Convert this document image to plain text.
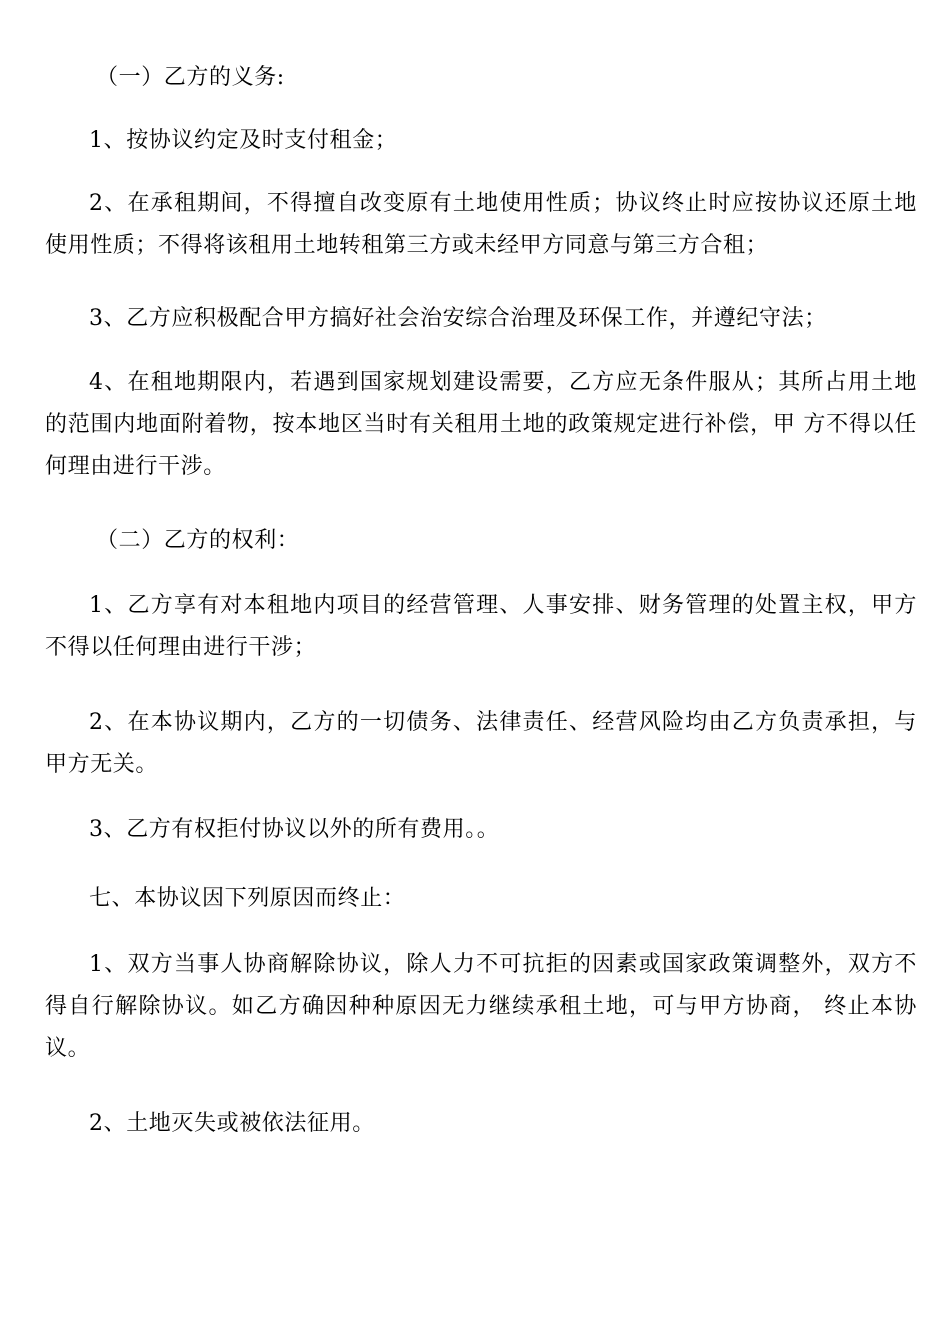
（一）乙方的义务:

1、按协议约定及时支付租金；

2、在承租期间，不得擅自改变原有土地使用性质；协议终止时应按协议还原土地使用性质；不得将该租用土地转租第三方或未经甲方同意与第三方合租；

3、乙方应积极配合甲方搞好社会治安综合治理及环保工作，并遵纪守法；

4、在租地期限内，若遇到国家规划建设需要，乙方应无条件服从；其所占用土地的范围内地面附着物，按本地区当时有关租用土地的政策规定进行补偿，甲 方不得以任何理由进行干涉。

（二）乙方的权利：

1、乙方享有对本租地内项目的经营管理、人事安排、财务管理的处置主权，甲方不得以任何理由进行干涉；

2、在本协议期内，乙方的一切债务、法律责任、经营风险均由乙方负责承担，与甲方无关。

3、乙方有权拒付协议以外的所有费用。。

七、本协议因下列原因而终止：

1、双方当事人协商解除协议，除人力不可抗拒的因素或国家政策调整外，双方不得自行解除协议。如乙方确因种种原因无力继续承租土地，可与甲方协商， 终止本协议。

2、土地灭失或被依法征用。
